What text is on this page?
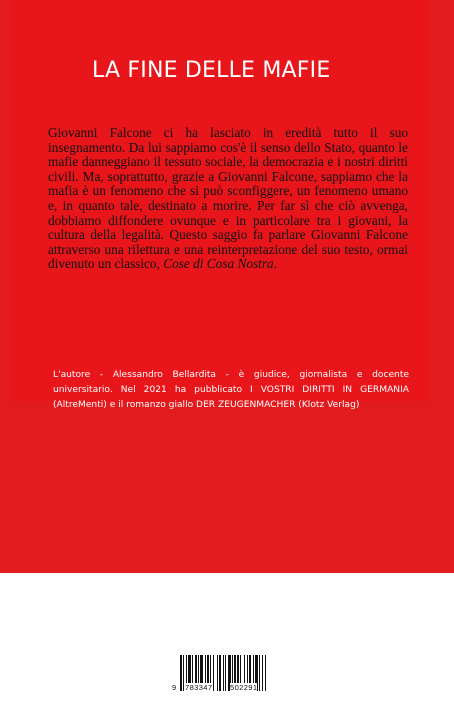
LA FINE DELLE MAFIE

Giovanni Falcone ci ha lasciato in eredità tutto il suo insegnamento. Da lui sappiamo cos'è il senso dello Stato, quanto le mafie danneggiano il tessuto sociale, la democrazia e i nostri diritti civili. Ma, soprattutto, grazie a Giovanni Falcone, sappiamo che la mafia è un fenomeno che si può sconfiggere, un fenomeno umano e, in quanto tale, destinato a morire. Per far sì che ciò avvenga, dobbiamo diffondere ovunque e in particolare tra i giovani, la cultura della legalità. Questo saggio fa parlare Giovanni Falcone attraverso una rilettura e una reinterpretazione del suo testo, ormai divenuto un classico, Cose di Cosa Nostra.

L'autore - Alessandro Bellardita - è giudice, giornalista e docente universitario. Nel 2021 ha pubblicato I VOSTRI DIRITTI IN GERMANIA (AltreMenti) e il romanzo giallo DER ZEUGENMACHER (Klotz Verlag)

9 783347 502291
